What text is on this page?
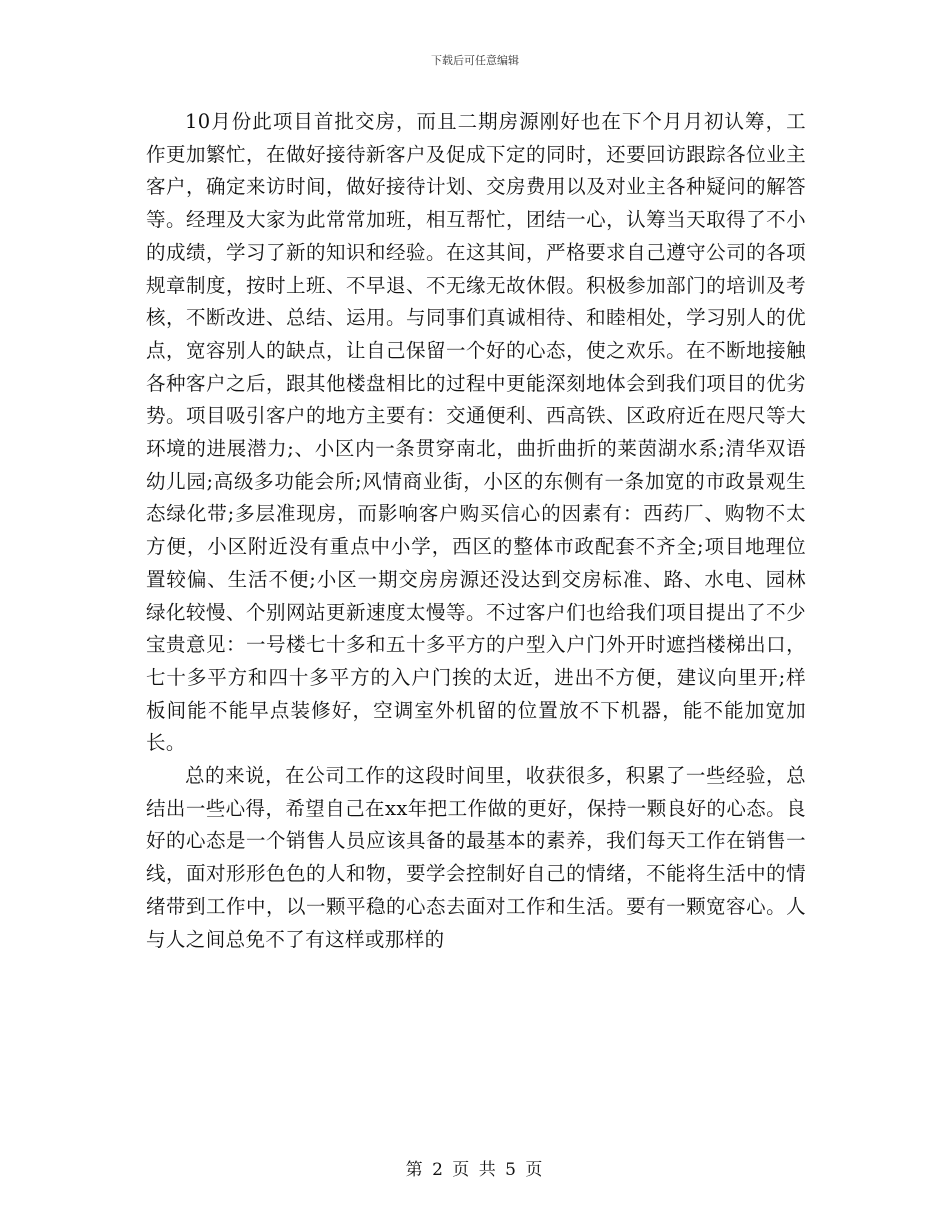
下载后可任意编辑

10月份此项目首批交房，而且二期房源刚好也在下个月月初认筹，工作更加繁忙，在做好接待新客户及促成下定的同时，还要回访跟踪各位业主客户，确定来访时间，做好接待计划、交房费用以及对业主各种疑问的解答等。经理及大家为此常常加班，相互帮忙，团结一心，认筹当天取得了不小的成绩，学习了新的知识和经验。在这其间，严格要求自己遵守公司的各项规章制度，按时上班、不早退、不无缘无故休假。积极参加部门的培训及考核，不断改进、总结、运用。与同事们真诚相待、和睦相处，学习别人的优点，宽容别人的缺点，让自己保留一个好的心态，使之欢乐。在不断地接触各种客户之后，跟其他楼盘相比的过程中更能深刻地体会到我们项目的优劣势。项目吸引客户的地方主要有：交通便利、西高铁、区政府近在咫尺等大环境的进展潜力;、小区内一条贯穿南北，曲折曲折的莱茵湖水系;清华双语幼儿园;高级多功能会所;风情商业街，小区的东侧有一条加宽的市政景观生态绿化带;多层准现房，而影响客户购买信心的因素有：西药厂、购物不太方便，小区附近没有重点中小学，西区的整体市政配套不齐全;项目地理位置较偏、生活不便;小区一期交房房源还没达到交房标准、路、水电、园林绿化较慢、个别网站更新速度太慢等。不过客户们也给我们项目提出了不少宝贵意见：一号楼七十多和五十多平方的户型入户门外开时遮挡楼梯出口，七十多平方和四十多平方的入户门挨的太近，进出不方便，建议向里开;样板间能不能早点装修好，空调室外机留的位置放不下机器，能不能加宽加长。

总的来说，在公司工作的这段时间里，收获很多，积累了一些经验，总结出一些心得，希望自己在xx年把工作做的更好，保持一颗良好的心态。良好的心态是一个销售人员应该具备的最基本的素养，我们每天工作在销售一线，面对形形色色的人和物，要学会控制好自己的情绪，不能将生活中的情绪带到工作中，以一颗平稳的心态去面对工作和生活。要有一颗宽容心。人与人之间总免不了有这样或那样的

第 2 页 共 5 页
